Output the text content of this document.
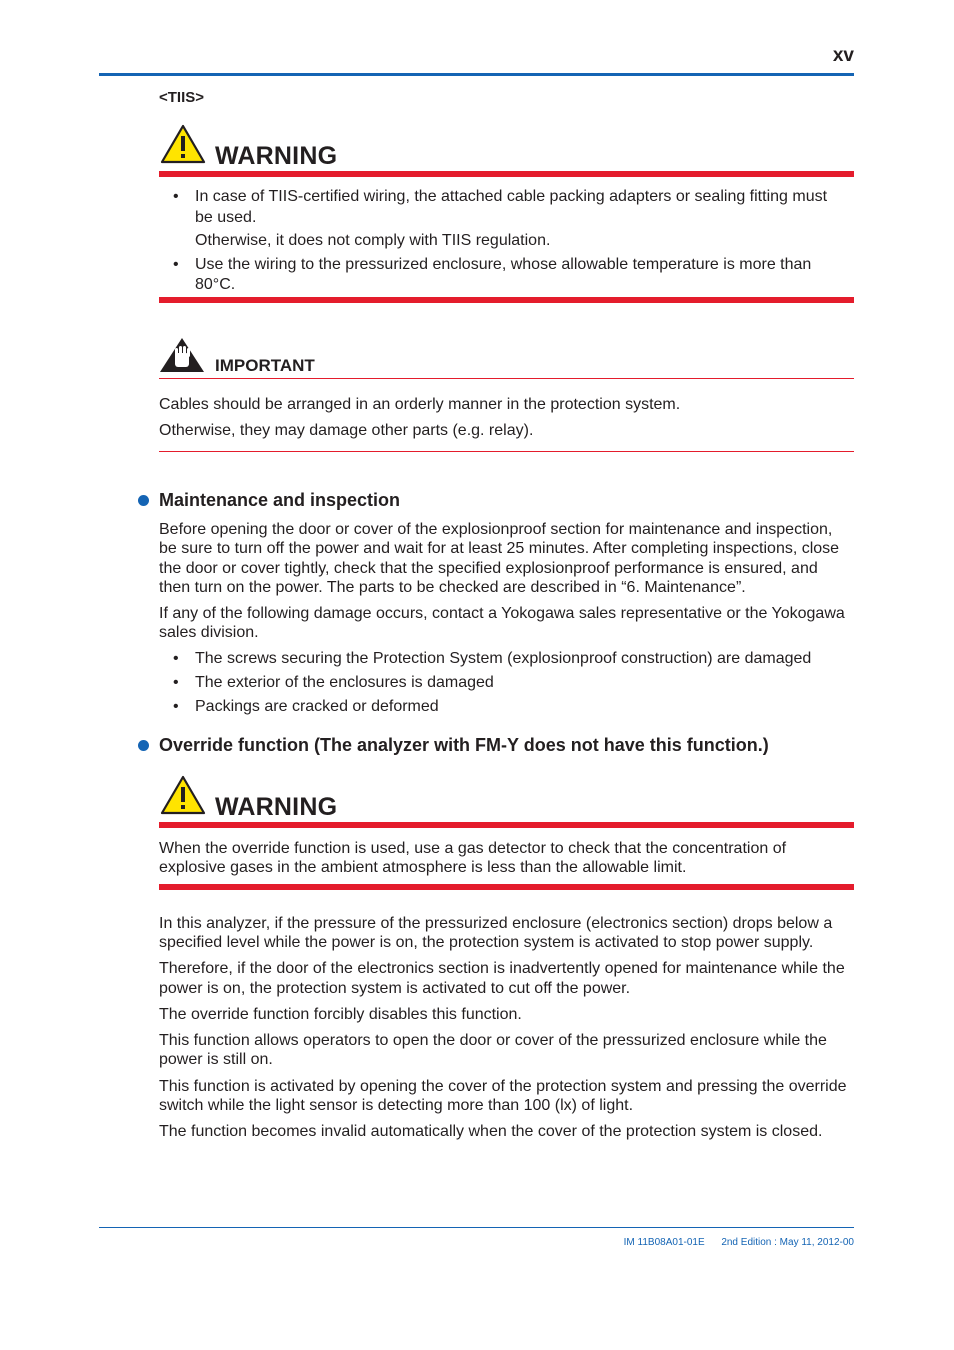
xv
<TIIS>
WARNING
•	In case of TIIS-certified wiring, the attached cable packing adapters or sealing fitting must
be used.
Otherwise, it does not comply with TIIS regulation.
•	Use the wiring to the pressurized enclosure, whose allowable temperature is more than
80°C.
IMPORTANT
Cables should be arranged in an orderly manner in the protection system.
Otherwise, they may damage other parts (e.g. relay).
Maintenance and inspection
Before opening the door or cover of the explosionproof section for maintenance and inspection,
be sure to turn off the power and wait for at least 25 minutes. After completing inspections, close
the door or cover tightly, check that the specified explosionproof performance is ensured, and
then turn on the power. The parts to be checked are described in “6. Maintenance”.
If any of the following damage occurs, contact a Yokogawa sales representative or the Yokogawa
sales division.
•	The screws securing the Protection System (explosionproof construction) are damaged
•	The exterior of the enclosures is damaged
•	Packings are cracked or deformed
Override function (The analyzer with FM-Y does not have this function.)
WARNING
When the override function is used, use a gas detector to check that the concentration of
explosive gases in the ambient atmosphere is less than the allowable limit.
In this analyzer, if the pressure of the pressurized enclosure (electronics section) drops below a
specified level while the power is on, the protection system is activated to stop power supply.
Therefore, if the door of the electronics section is inadvertently opened for maintenance while the
power is on, the protection system is activated to cut off the power.
The override function forcibly disables this function.
This function allows operators to open the door or cover of the pressurized enclosure while the
power is still on.
This function is activated by opening the cover of the protection system and pressing the override
switch while the light sensor is detecting more than 100 (lx) of light.
The function becomes invalid automatically when the cover of the protection system is closed.
IM 11B08A01-01E 2nd Edition : May 11, 2012-00
